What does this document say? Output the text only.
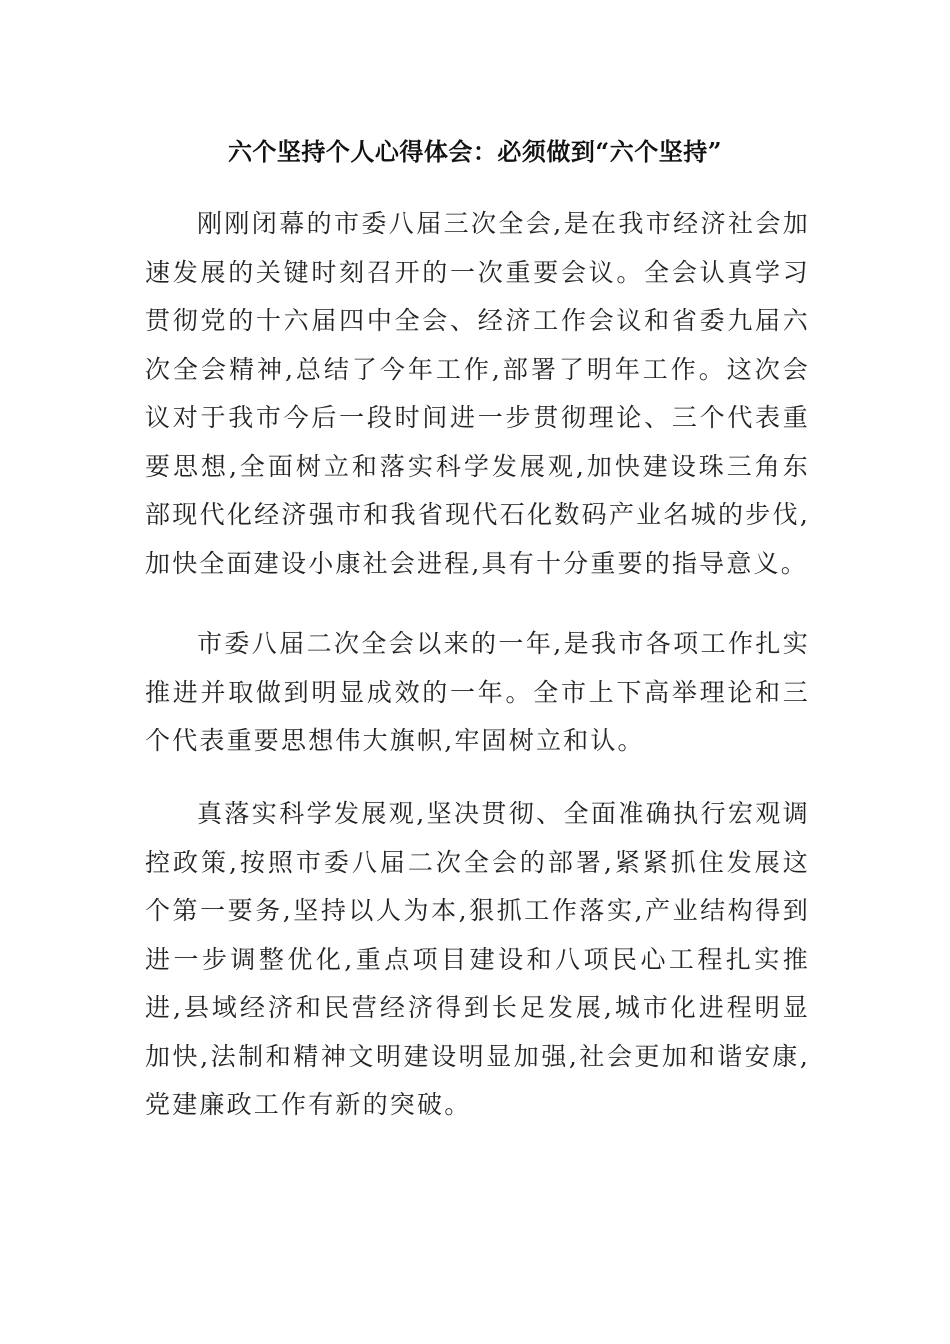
六个坚持个人心得体会：必须做到“六个坚持”

刚刚闭幕的市委八届三次全会,是在我市经济社会加速发展的关键时刻召开的一次重要会议。全会认真学习贯彻党的十六届四中全会、经济工作会议和省委九届六次全会精神,总结了今年工作,部署了明年工作。这次会议对于我市今后一段时间进一步贯彻理论、三个代表重要思想,全面树立和落实科学发展观,加快建设珠三角东部现代化经济强市和我省现代石化数码产业名城的步伐,加快全面建设小康社会进程,具有十分重要的指导意义。

市委八届二次全会以来的一年,是我市各项工作扎实推进并取做到明显成效的一年。全市上下高举理论和三个代表重要思想伟大旗帜,牢固树立和认。

真落实科学发展观,坚决贯彻、全面准确执行宏观调控政策,按照市委八届二次全会的部署,紧紧抓住发展这个第一要务,坚持以人为本,狠抓工作落实,产业结构得到进一步调整优化,重点项目建设和八项民心工程扎实推进,县域经济和民营经济得到长足发展,城市化进程明显加快,法制和精神文明建设明显加强,社会更加和谐安康,党建廉政工作有新的突破。
